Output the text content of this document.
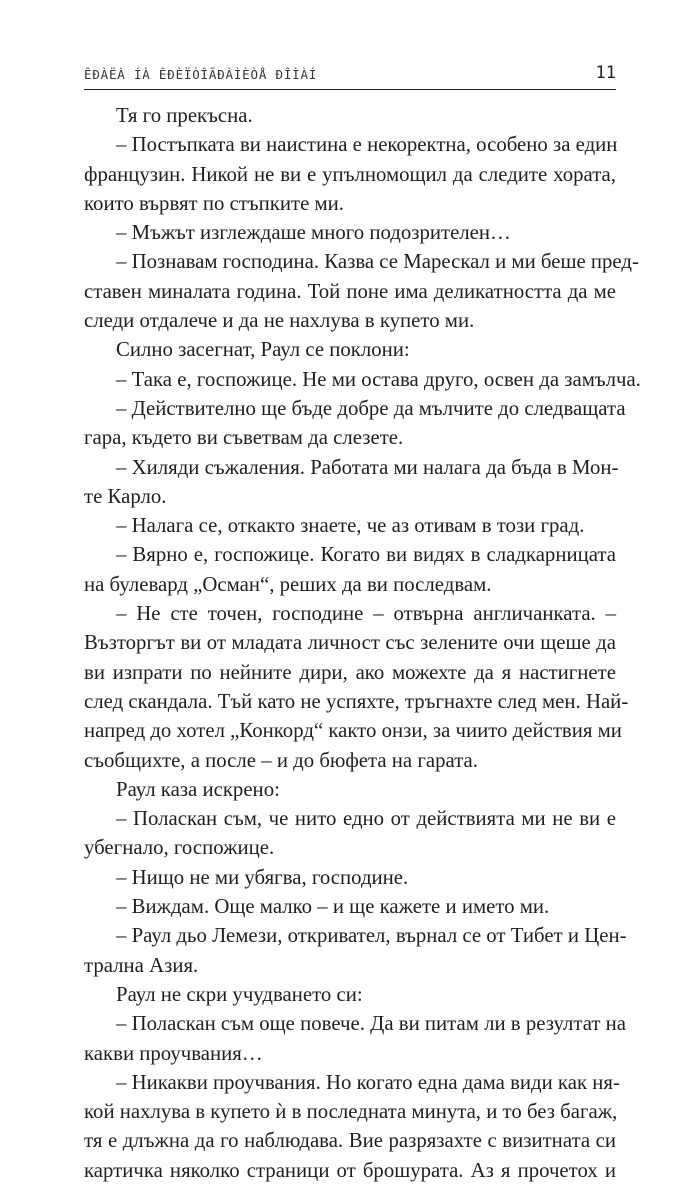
ÊÐÀËÀ ÍÀ ÊÐÈÏÒÎÃÐÀÌÈÒÅ ÐÎÌÀÍ	11
Тя го прекъсна.
– Постъпката ви наистина е некоректна, особено за един
французин. Никой не ви е упълномощил да следите хората,
които вървят по стъпките ми.
– Мъжът изглеждаше много подозрителен…
– Познавам господина. Казва се Марескал и ми беше пред-
ставен миналата година. Той поне има деликатността да ме
следи отдалече и да не нахлува в купето ми.
Силно засегнат, Раул се поклони:
– Така е, госпожице. Не ми остава друго, освен да замълча.
– Действително ще бъде добре да мълчите до следващата
гара, където ви съветвам да слезете.
– Хиляди съжаления. Работата ми налага да бъда в Мон-
те Карло.
– Налага се, откакто знаете, че аз отивам в този град.
– Вярно е, госпожице. Когато ви видях в сладкарницата
на булевард „Осман“, реших да ви последвам.
– Не сте точен, господине – отвърна англичанката. –
Възторгът ви от младата личност със зелените очи щеше да
ви изпрати по нейните дири, ако можехте да я настигнете
след скандала. Тъй като не успяхте, тръгнахте след мен. Най-
напред до хотел „Конкорд“ както онзи, за чиито действия ми
съобщихте, а после – и до бюфета на гарата.
Раул каза искрено:
– Поласкан съм, че нито едно от действията ми не ви е
убегнало, госпожице.
– Нищо не ми убягва, господине.
– Виждам. Още малко – и ще кажете и името ми.
– Раул дьо Лемези, откривател, върнал се от Тибет и Цен-
трална Азия.
Раул не скри учудването си:
– Поласкан съм още повече. Да ви питам ли в резултат на
какви проучвания…
– Никакви проучвания. Но когато една дама види как ня-
кой нахлува в купето ѝ в последната минута, и то без багаж,
тя е длъжна да го наблюдава. Вие разрязахте с визитната си
картичка няколко страници от брошурата. Аз я прочетох и
